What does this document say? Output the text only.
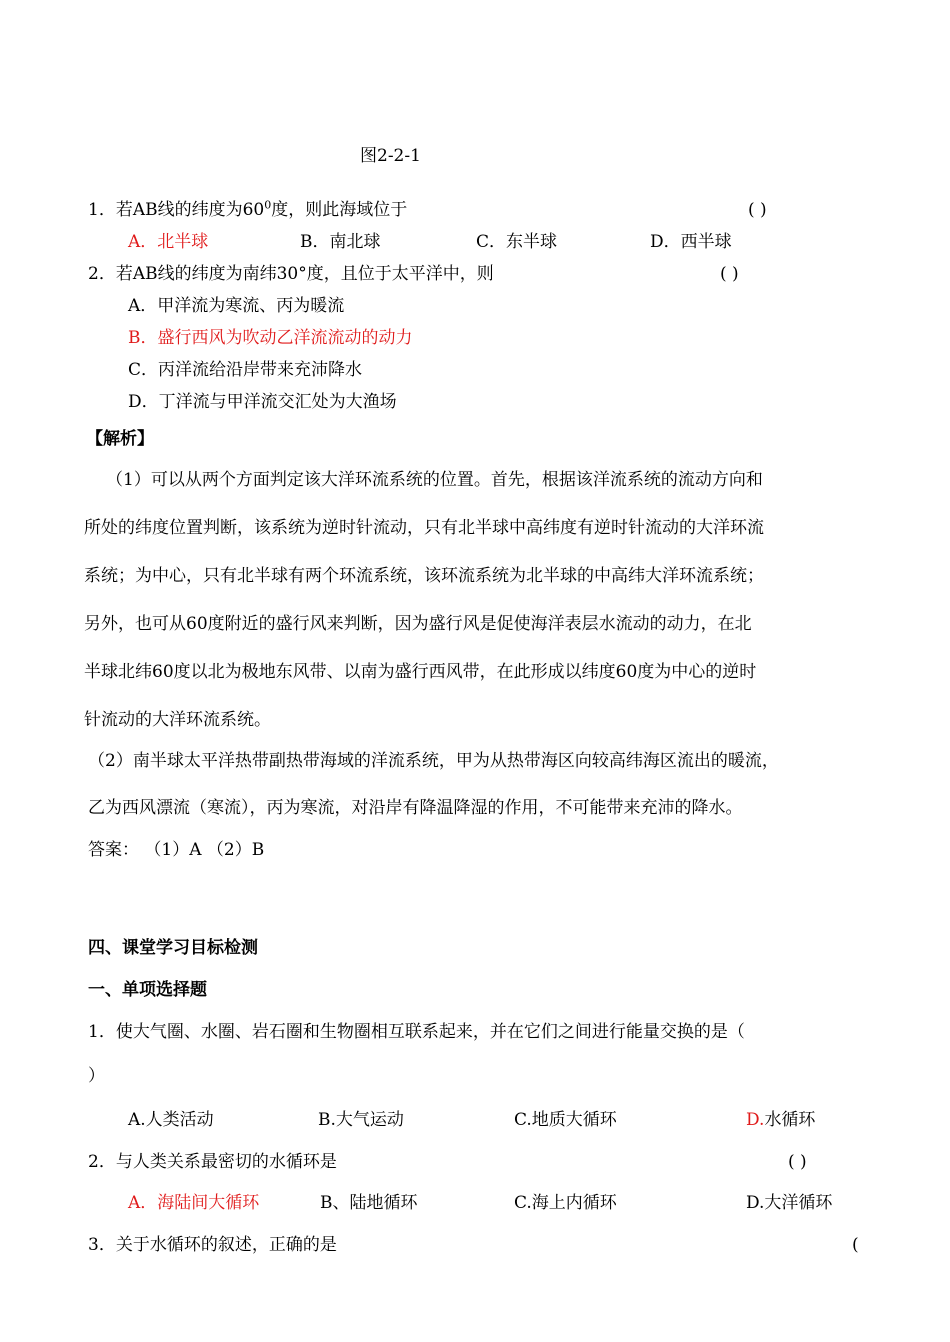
图2-2-1
1．若AB线的纬度为$60^0$度，则此海域位于	( )
A．北半球	B．南北球	C．东半球	D．西半球
2．若AB线的纬度为南纬30°度，且位于太平洋中，则	( )
A．甲洋流为寒流、丙为暖流
B．盛行西风为吹动乙洋流流动的动力
C．丙洋流给沿岸带来充沛降水
D．丁洋流与甲洋流交汇处为大渔场
【解析】
（1）可以从两个方面判定该大洋环流系统的位置。首先，根据该洋流系统的流动方向和
所处的纬度位置判断，该系统为逆时针流动，只有北半球中高纬度有逆时针流动的大洋环流
系统；为中心，只有北半球有两个环流系统，该环流系统为北半球的中高纬大洋环流系统；
另外，也可从60度附近的盛行风来判断，因为盛行风是促使海洋表层水流动的动力，在北
半球北纬60度以北为极地东风带、以南为盛行西风带，在此形成以纬度60度为中心的逆时
针流动的大洋环流系统。
（2）南半球太平洋热带副热带海域的洋流系统，甲为从热带海区向较高纬海区流出的暖流，
乙为西风漂流（寒流），丙为寒流，对沿岸有降温降湿的作用，不可能带来充沛的降水。
答案： （1）A （2）B
四、课堂学习目标检测
一、单项选择题
1．使大气圈、水圈、岩石圈和生物圈相互联系起来，并在它们之间进行能量交换的是（
）
A.人类活动	B.大气运动	C.地质大循环	D.水循环
2．与人类关系最密切的水循环是	( )
A．海陆间大循环	B、陆地循环	C.海上内循环	D.大洋循环
3．关于水循环的叙述，正确的是	(
